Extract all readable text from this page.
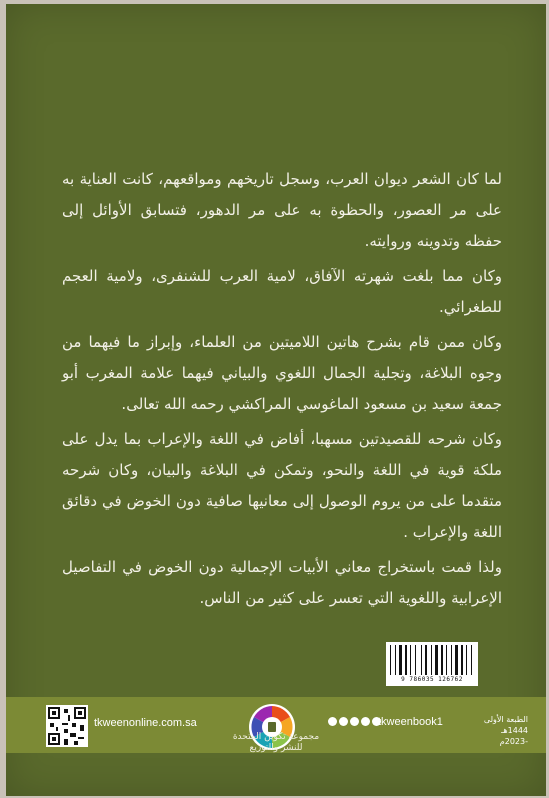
لما كان الشعر ديوان العرب، وسجل تاريخهم ومواقعهم، كانت العناية به على مر العصور، والحظوة به على مر الدهور، فتسابق الأوائل إلى حفظه وتدوينه وروايته.

وكان مما بلغت شهرته الآفاق، لامية العرب للشنفرى، ولامية العجم للطغرائي.

وكان ممن قام بشرح هاتين اللاميتين من العلماء، وإبراز ما فيهما من وجوه البلاغة، وتجلية الجمال اللغوي والبياني فيهما علامة المغرب أبو جمعة سعيد بن مسعود الماغوسي المراكشي رحمه الله تعالى.

وكان شرحه للقصيدتين مسهبا، أفاض في اللغة والإعراب بما يدل على ملكة قوية في اللغة والنحو، وتمكن في البلاغة والبيان، وكان شرحه متقدما على من يروم الوصول إلى معانيها صافية دون الخوض في دقائق اللغة والإعراب .

ولذا قمت باستخراج معاني الأبيات الإجمالية دون الخوض في التفاصيل الإعرابية واللغوية التي تعسر على كثير من الناس.

9 786035 126762
tkweenonline.com.sa	tkweenbook1	الطبعة الأولى
1444هـ -2023م
مجموعة تكوين المتحدة
للنشر والتوزيع
